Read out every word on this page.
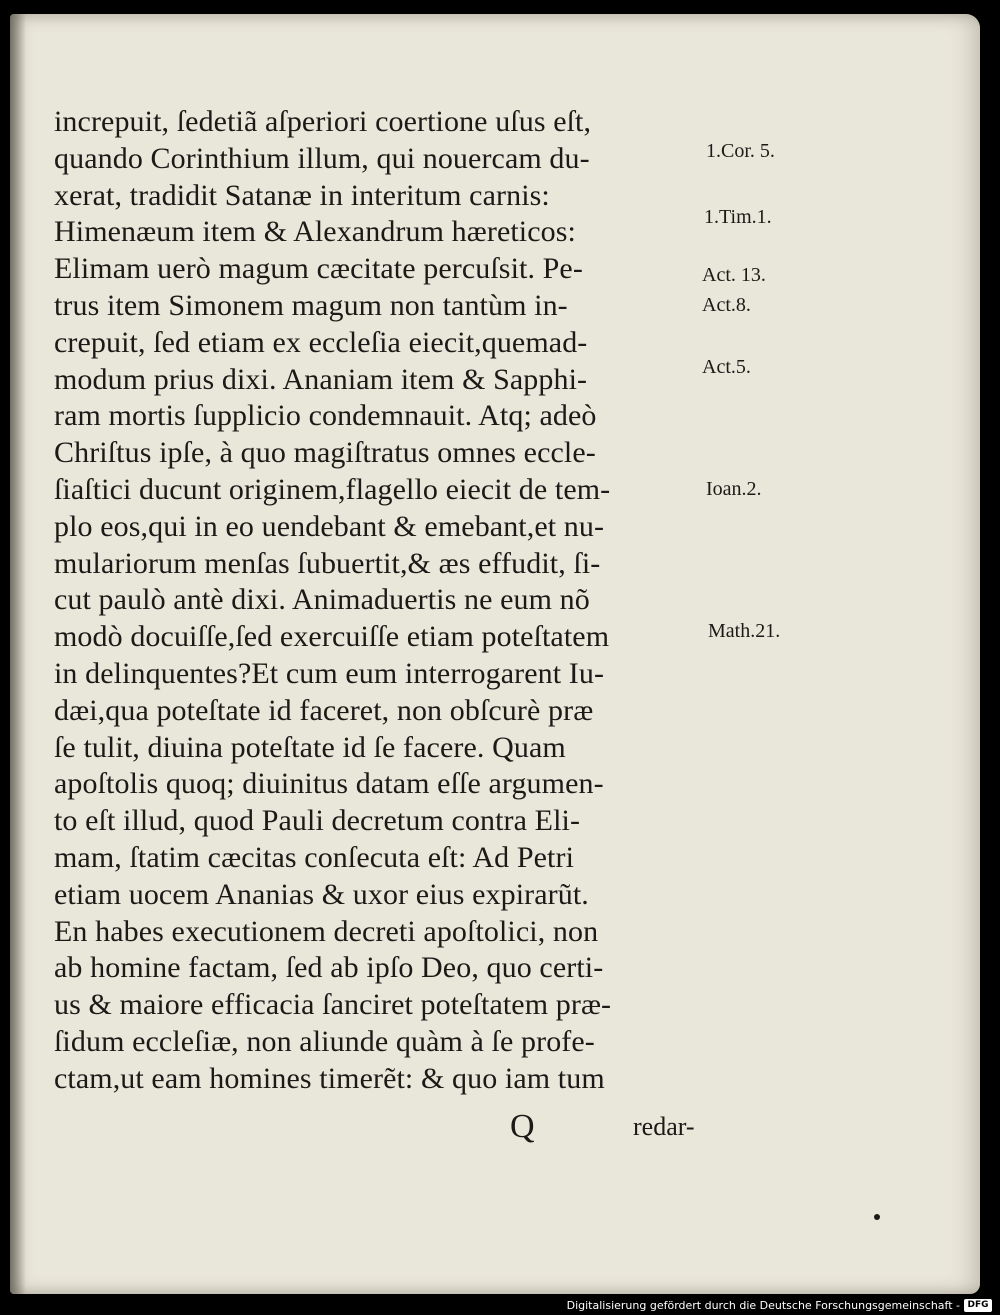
increpuit, ſedetiã aſperiori coertione uſus eſt,
quando Corinthium illum, qui nouercam du-
xerat, tradidit Satanæ in interitum carnis:
Himenæum item & Alexandrum hæreticos:
Elimam uerò magum cæcitate percuſsit. Pe-
trus item Simonem magum non tantùm in-
crepuit, ſed etiam ex eccleſia eiecit,quemad-
modum prius dixi. Ananiam item & Sapphi-
ram mortis ſupplicio condemnauit. Atq; adeò
Chriſtus ipſe, à quo magiſtratus omnes eccle-
ſiaſtici ducunt originem,flagello eiecit de tem-
plo eos,qui in eo uendebant & emebant,et nu-
mulariorum menſas ſubuertit,& æs effudit, ſi-
cut paulò antè dixi. Animaduertis ne eum nõ
modò docuiſſe,ſed exercuiſſe etiam poteſtatem
in delinquentes?Et cum eum interrogarent Iu-
dæi,qua poteſtate id faceret, non obſcurè præ
ſe tulit, diuina poteſtate id ſe facere. Quam
apoſtolis quoq; diuinitus datam eſſe argumen-
to eſt illud, quod Pauli decretum contra Eli-
mam, ſtatim cæcitas conſecuta eſt: Ad Petri
etiam uocem Ananias & uxor eius expirarũt.
En habes executionem decreti apoſtolici, non
ab homine factam, ſed ab ipſo Deo, quo certi-
us & maiore efficacia ſanciret poteſtatem præ-
ſidum eccleſiæ, non aliunde quàm à ſe profe-
ctam,ut eam homines timerẽt: & quo iam tum
1.Cor. 5.
1.Tim.1.
Act. 13.
Act.8.
Act.5.
Ioan.2.
Math.21.
Q	redar-
Digitalisierung gefördert durch die Deutsche Forschungsgemeinschaft - DFG
